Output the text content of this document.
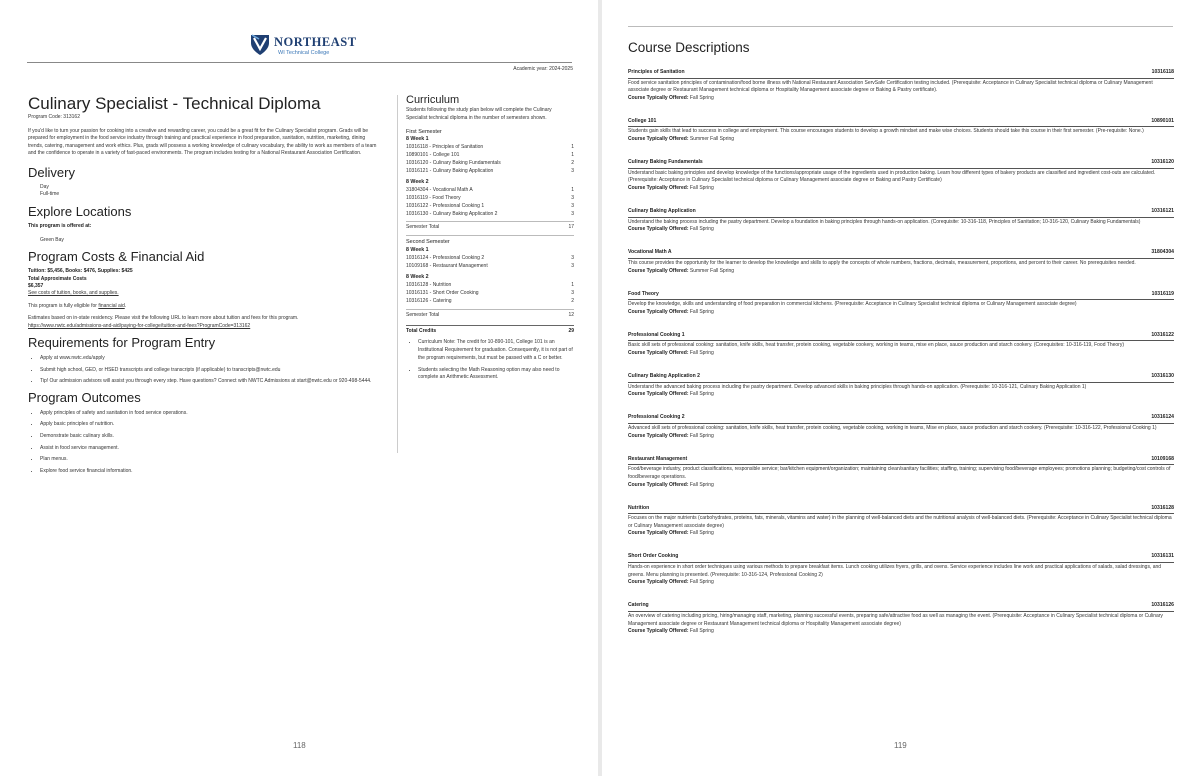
NORTHEAST
WI Technical College
Academic year: 2024-2025
Culinary Specialist - Technical Diploma
Program Code: 313162

If you'd like to turn your passion for cooking into a creative and rewarding career, you could be a great fit for the Culinary Specialist program. Grads will be prepared for employment in the food service industry through training and practical experience in food preparation, sanitation, nutrition, marketing, dining trends, catering, management and work ethics. Plus, grads will possess a working knowledge of culinary vocabulary, the ability to work as members of a team and the confidence to operate in a variety of fast-paced environments. The program includes testing for a National Restaurant Association Certification.

Delivery
Day
Full-time
Explore Locations
This program is offered at:
Green Bay
Program Costs & Financial Aid
Tuition: $5,456, Books: $476, Supplies: $425
Total Approximate Costs
$6,357
See costs of tuition, books, and supplies.
This program is fully eligible for financial aid.
Estimates based on in-state residency. Please visit the following URL to learn more about tuition and fees for this program.
https://www.nwtc.edu/admissions-and-aid/paying-for-college/tuition-and-fees?ProgramCode=313162
Requirements for Program Entry
• Apply at www.nwtc.edu/apply
• Submit high school, GED, or HSED transcripts and college transcripts (if applicable) to transcripts@nwtc.edu
• Tip! Our admission advisors will assist you through every step. Have questions? Connect with NWTC Admissions at start@nwtc.edu or 920-498-5444.
Program Outcomes
• Apply principles of safety and sanitation in food service operations.
• Apply basic principles of nutrition.
• Demonstrate basic culinary skills.
• Assist in food service management.
• Plan menus.
• Explore food service financial information.
Curriculum
Students following the study plan below will complete the Culinary Specialist technical diploma in the number of semesters shown.
First Semester
8 Week 1
10316118 - Principles of Sanitation	1
10890101 - College 101	1
10316120 - Culinary Baking Fundamentals	2
10316121 - Culinary Baking Application	3
8 Week 2
31804304 - Vocational Math A	1
10316119 - Food Theory	3
10316122 - Professional Cooking 1	3
10316130 - Culinary Baking Application 2	3
Semester Total	17
Second Semester
8 Week 1
10316124 - Professional Cooking 2	3
10109168 - Restaurant Management	3
8 Week 2
10316128 - Nutrition	1
10316131 - Short Order Cooking	3
10316126 - Catering	2
Semester Total	12
Total Credits	29
• Curriculum Note: The credit for 10-890-101, College 101 is an Institutional Requirement for graduation. Consequently, it is not part of the program requirements, but must be passed with a C or better.
• Students selecting the Math Reasoning option may also need to complete an Arithmetic Assessment.
118
Course Descriptions
Principles of Sanitation	10316118

Food service sanitation principles of contamination/food borne illness with National Restaurant Association ServSafe Certification testing included. (Prerequisite: Acceptance in Culinary Specialist technical diploma or Culinary Management associate degree or Restaurant Management technical diploma or Hospitality Management associate degree or Baking & Pastry certificate).

Course Typically Offered: Fall Spring
College 101	10890101

Students gain skills that lead to success in college and employment. This course encourages students to develop a growth mindset and make wise choices. Students should take this course in their first semester. (Pre-requisite: None.)

Course Typically Offered: Summer Fall Spring
Culinary Baking Fundamentals	10316120

Understand basic baking principles and develop knowledge of the functions/appropriate usage of the ingredients used in production baking. Learn how different types of bakery products are classified and ingredient cost-outs are calculated. (Prerequisite: Acceptance in Culinary Specialist technical diploma or Culinary Management associate degree or Baking and Pastry Certificate)

Course Typically Offered: Fall Spring
Culinary Baking Application	10316121

Understand the baking process including the pastry department. Develop a foundation in baking principles through hands-on application. (Corequisite: 10-316-118, Principles of Sanitation; 10-316-120, Culinary Baking Fundamentals)

Course Typically Offered: Fall Spring
Vocational Math A	31804304

This course provides the opportunity for the learner to develop the knowledge and skills to apply the concepts of whole numbers, fractions, decimals, measurement, proportions, and percent to their career. No prerequisites needed.

Course Typically Offered: Summer Fall Spring
Food Theory	10316119

Develop the knowledge, skills and understanding of food preparation in commercial kitchens. (Prerequisite: Acceptance in Culinary Specialist technical diploma or Culinary Management associate degree)

Course Typically Offered: Fall Spring
Professional Cooking 1	10316122

Basic skill sets of professional cooking: sanitation, knife skills, heat transfer, protein cooking, vegetable cookery, working in teams, mise en place, sauce production and starch cookery. (Corequisites: 10-316-119, Food Theory)

Course Typically Offered: Fall Spring
Culinary Baking Application 2	10316130

Understand the advanced baking process including the pastry department. Develop advanced skills in baking principles through hands-on application. (Prerequisite: 10-316-121, Culinary Baking Application 1)

Course Typically Offered: Fall Spring
Professional Cooking 2	10316124

Advanced skill sets of professional cooking: sanitation, knife skills, heat transfer, protein cooking, vegetable cooking, working in teams, Mise en place, sauce production and starch cookery. (Prerequisite: 10-316-122, Professional Cooking 1)

Course Typically Offered: Fall Spring
Restaurant Management	10109168

Food/beverage industry, product classifications, responsible service; bar/kitchen equipment/organization; maintaining clean/sanitary facilities; staffing, training; supervising food/beverage employees; promotions planning; budgeting/cost controls of food/beverage operations.

Course Typically Offered: Fall Spring
Nutrition	10316128

Focuses on the major nutrients (carbohydrates, proteins, fats, minerals, vitamins and water) in the planning of well-balanced diets and the nutritional analysis of well-balanced diets. (Prerequisite: Acceptance in Culinary Specialist technical diploma or Culinary Management associate degree)

Course Typically Offered: Fall Spring
Short Order Cooking	10316131

Hands-on experience in short order techniques using various methods to prepare breakfast items. Lunch cooking utilizes fryers, grills, and ovens. Service experience includes line work and practical applications of salads, salad dressings, and greens. Menu planning is presented. (Prerequisite: 10-316-124, Professional Cooking 2)

Course Typically Offered: Fall Spring
Catering	10316126

An overview of catering including pricing, hiring/managing staff, marketing, planning successful events, preparing safe/attractive food as well as managing the event. (Prerequisite: Acceptance in Culinary Specialist technical diploma or Culinary Management associate degree or Restaurant Management technical diploma or Hospitality Management associate degree)

Course Typically Offered: Fall Spring
119
